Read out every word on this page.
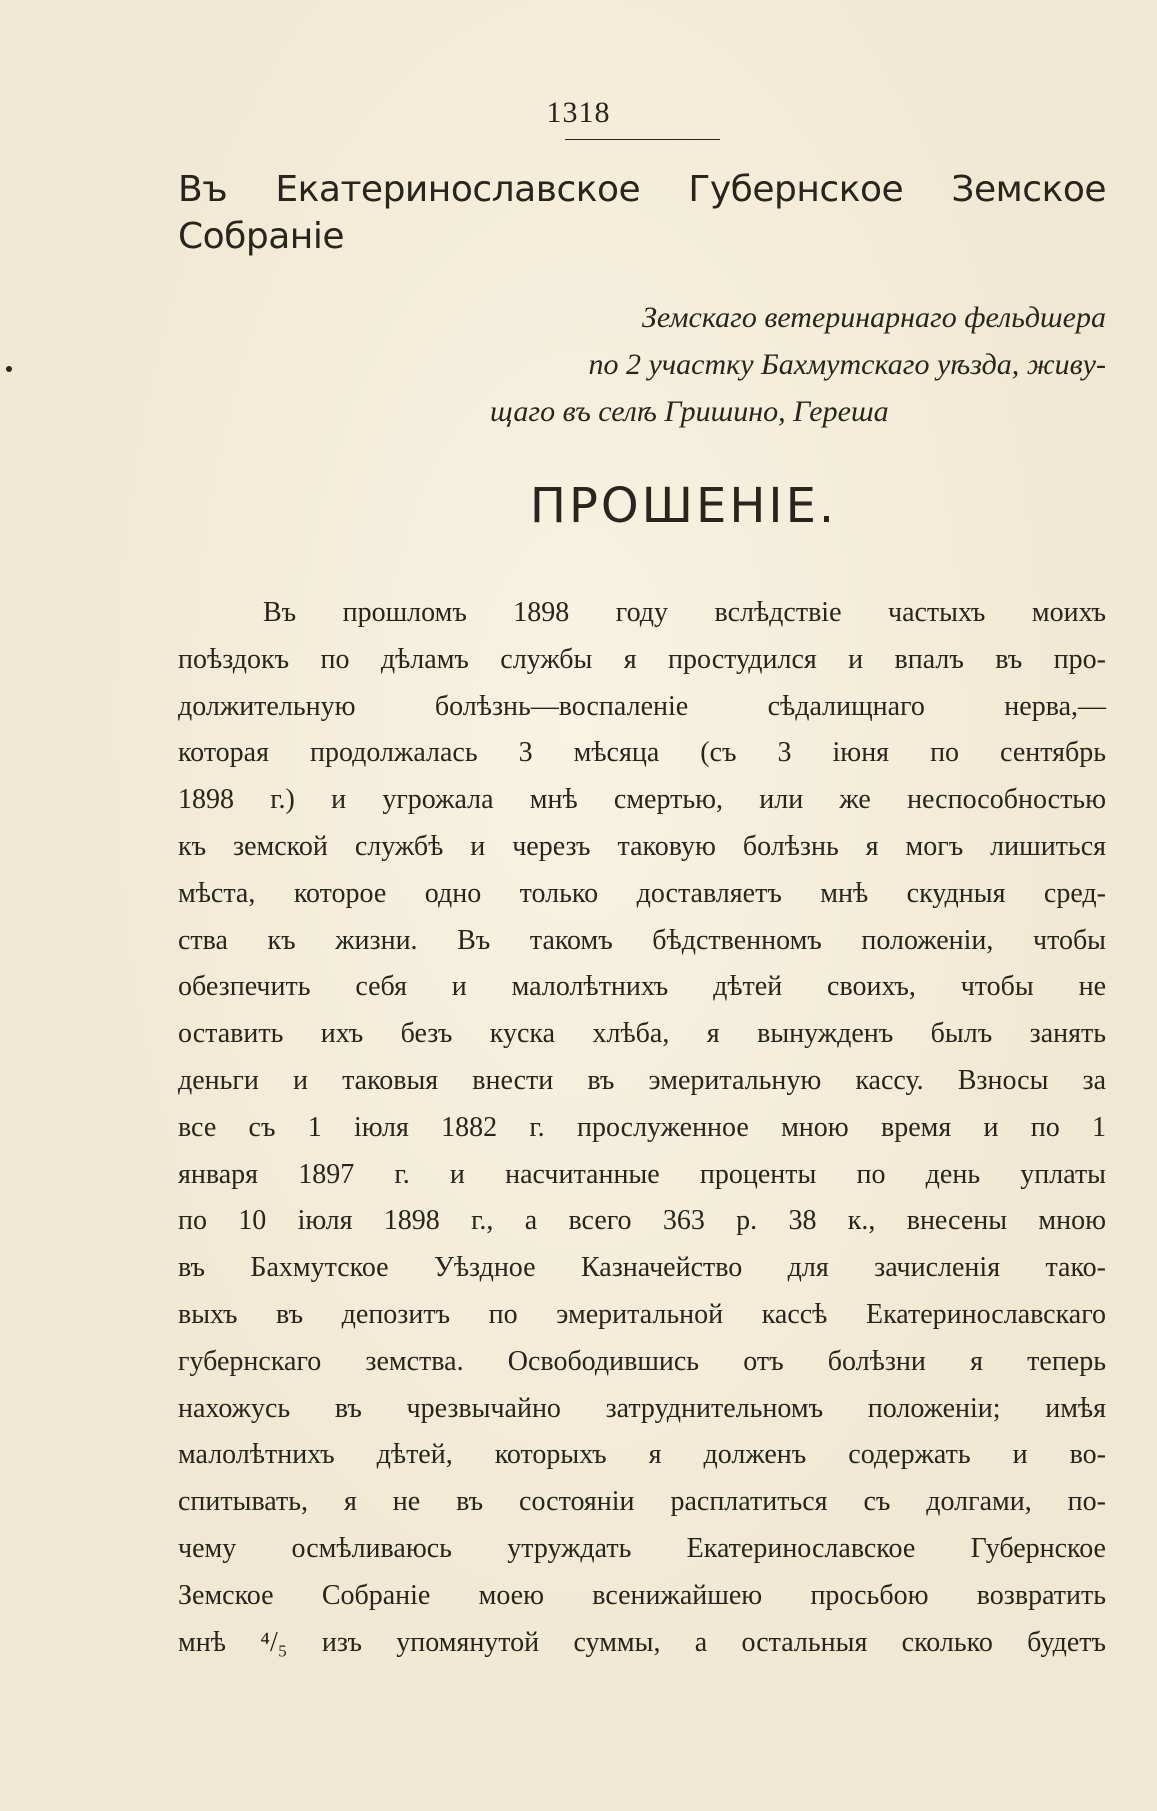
1318
Въ Екатеринославское Губернское Земское Собраніе
Земскаго ветеринарнаго фельдшера
по 2 участку Бахмутскаго уѣзда, живу-
щаго въ селѣ Гришино, Гереша
ПРОШЕНІЕ.
Въ прошломъ 1898 году вслѣдствіе частыхъ моихъ
поѣздокъ по дѣламъ службы я простудился и впалъ въ про-
должительную болѣзнь—воспаленіе сѣдалищнаго нерва,—
которая продолжалась 3 мѣсяца (съ 3 іюня по сентябрь
1898 г.) и угрожала мнѣ смертью, или же неспособностью
къ земской службѣ и черезъ таковую болѣзнь я могъ лишиться
мѣста, которое одно только доставляетъ мнѣ скудныя сред-
ства къ жизни. Въ такомъ бѣдственномъ положеніи, чтобы
обезпечить себя и малолѣтнихъ дѣтей своихъ, чтобы не
оставить ихъ безъ куска хлѣба, я вынужденъ былъ занять
деньги и таковыя внести въ эмеритальную кассу. Взносы за
все съ 1 іюля 1882 г. прослуженное мною время и по 1
января 1897 г. и насчитанные проценты по день уплаты
по 10 іюля 1898 г., а всего 363 р. 38 к., внесены мною
въ Бахмутское Уѣздное Казначейство для зачисленія тако-
выхъ въ депозитъ по эмеритальной кассѣ Екатеринославскаго
губернскаго земства. Освободившись отъ болѣзни я теперь
нахожусь въ чрезвычайно затруднительномъ положеніи; имѣя
малолѣтнихъ дѣтей, которыхъ я долженъ содержать и во-
спитывать, я не въ состояніи расплатиться съ долгами, по-
чему осмѣливаюсь утруждать Екатеринославское Губернское
Земское Собраніе моею всенижайшею просьбою возвратить
мнѣ ⁴/₅ изъ упомянутой суммы, а остальныя сколько будетъ
